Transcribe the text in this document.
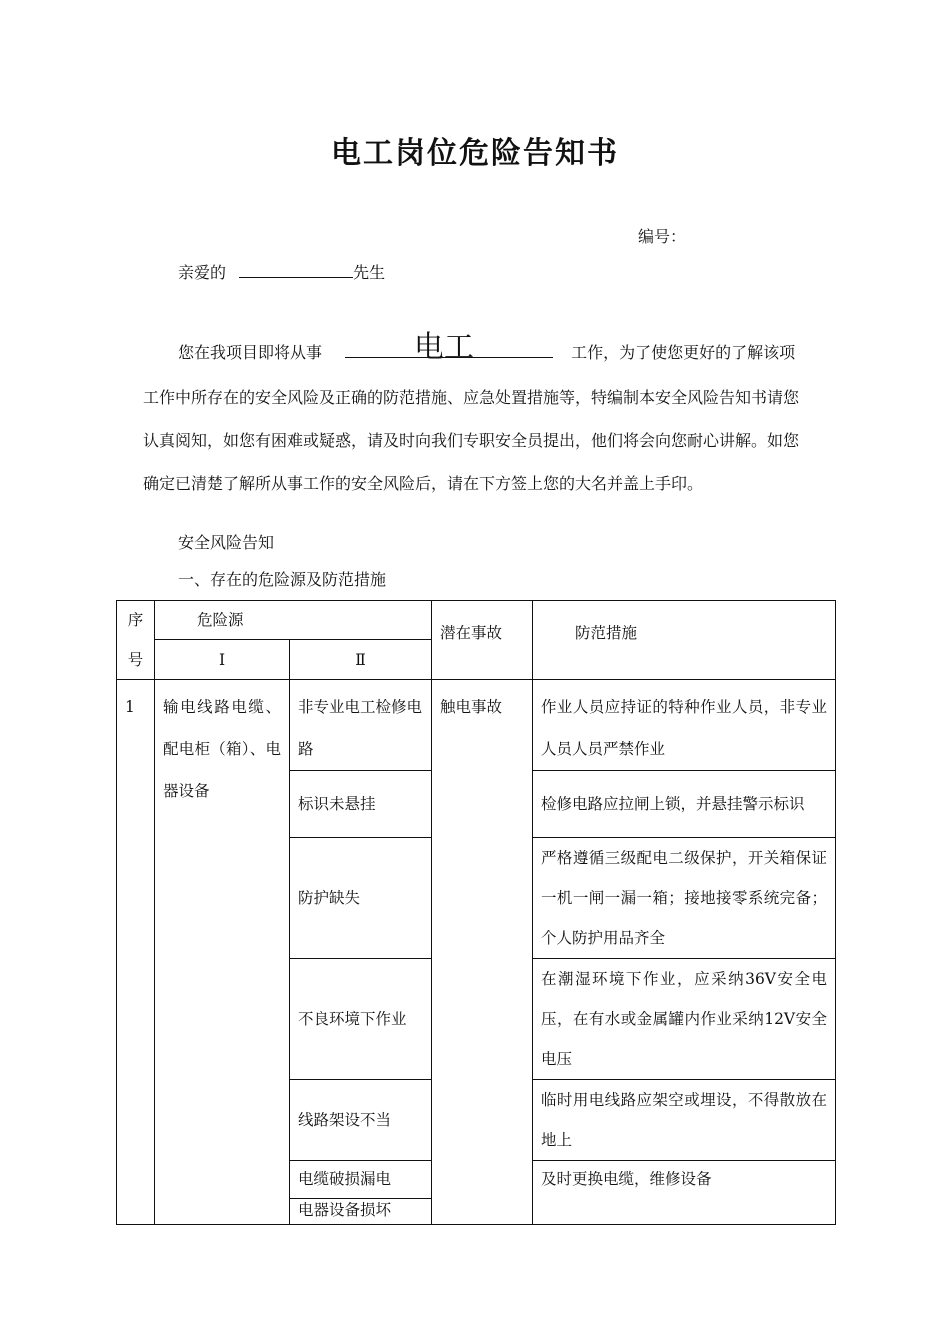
电工岗位危险告知书
编号：
亲爱的	先生
您在我项目即将从事	工作，为了使您更好的了解该项
电工
工作中所存在的安全风险及正确的防范措施、应急处置措施等，特编制本安全风险告知书请您认真阅知，如您有困难或疑惑，请及时向我们专职安全员提出，他们将会向您耐心讲解。如您确定已清楚了解所从事工作的安全风险后，请在下方签上您的大名并盖上手印。
安全风险告知
一、存在的危险源及防范措施
序	危险源		潜在事故	防范措施
号	Ⅰ	Ⅱ		
1	输电线路电缆、配电柜（箱）、电器设备	非专业电工检修电路	触电事故	作业人员应持证的特种作业人员，非专业人员人员严禁作业
		标识未悬挂		检修电路应拉闸上锁，并悬挂警示标识
		防护缺失		严格遵循三级配电二级保护，开关箱保证一机一闸一漏一箱；接地接零系统完备；个人防护用品齐全
		不良环境下作业		在潮湿环境下作业，应采纳36V安全电压，在有水或金属罐内作业采纳12V安全电压
		线路架设不当		临时用电线路应架空或埋设，不得散放在地上
		电缆破损漏电		及时更换电缆，维修设备
		电器设备损坏		
